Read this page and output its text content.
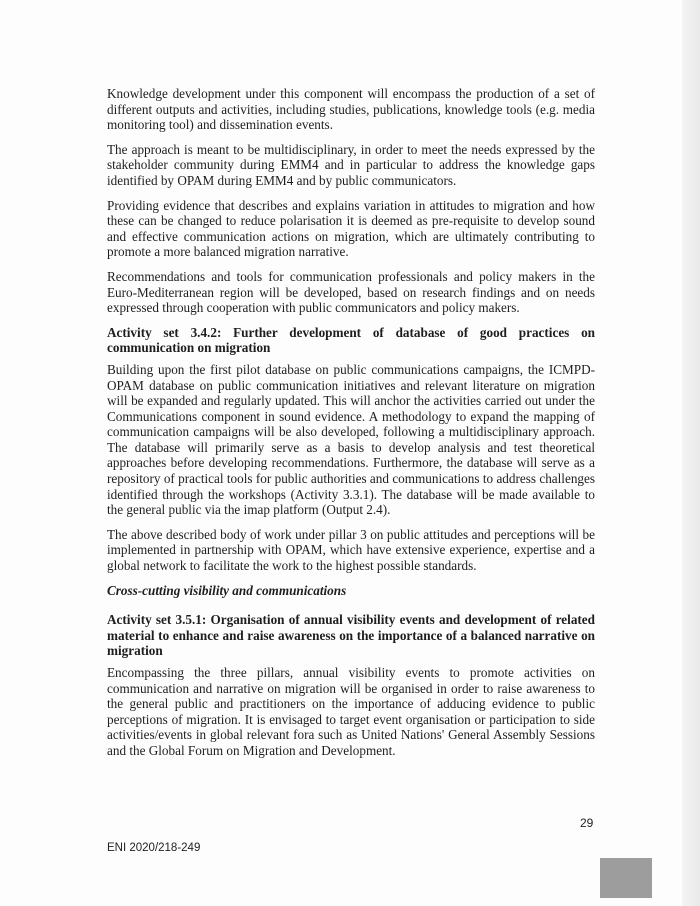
Knowledge development under this component will encompass the production of a set of different outputs and activities, including studies, publications, knowledge tools (e.g. media monitoring tool) and dissemination events.

The approach is meant to be multidisciplinary, in order to meet the needs expressed by the stakeholder community during EMM4 and in particular to address the knowledge gaps identified by OPAM during EMM4 and by public communicators.

Providing evidence that describes and explains variation in attitudes to migration and how these can be changed to reduce polarisation it is deemed as pre-requisite to develop sound and effective communication actions on migration, which are ultimately contributing to promote a more balanced migration narrative.

Recommendations and tools for communication professionals and policy makers in the Euro-Mediterranean region will be developed, based on research findings and on needs expressed through cooperation with public communicators and policy makers.

Activity set 3.4.2: Further development of database of good practices on communication on migration

Building upon the first pilot database on public communications campaigns, the ICMPD-OPAM database on public communication initiatives and relevant literature on migration will be expanded and regularly updated. This will anchor the activities carried out under the Communications component in sound evidence. A methodology to expand the mapping of communication campaigns will be also developed, following a multidisciplinary approach. The database will primarily serve as a basis to develop analysis and test theoretical approaches before developing recommendations. Furthermore, the database will serve as a repository of practical tools for public authorities and communications to address challenges identified through the workshops (Activity 3.3.1). The database will be made available to the general public via the imap platform (Output 2.4).

The above described body of work under pillar 3 on public attitudes and perceptions will be implemented in partnership with OPAM, which have extensive experience, expertise and a global network to facilitate the work to the highest possible standards.

Cross-cutting visibility and communications
Activity set 3.5.1: Organisation of annual visibility events and development of related material to enhance and raise awareness on the importance of a balanced narrative on migration

Encompassing the three pillars, annual visibility events to promote activities on communication and narrative on migration will be organised in order to raise awareness to the general public and practitioners on the importance of adducing evidence to public perceptions of migration. It is envisaged to target event organisation or participation to side activities/events in global relevant fora such as United Nations' General Assembly Sessions and the Global Forum on Migration and Development.

29
ENI 2020/218-249
